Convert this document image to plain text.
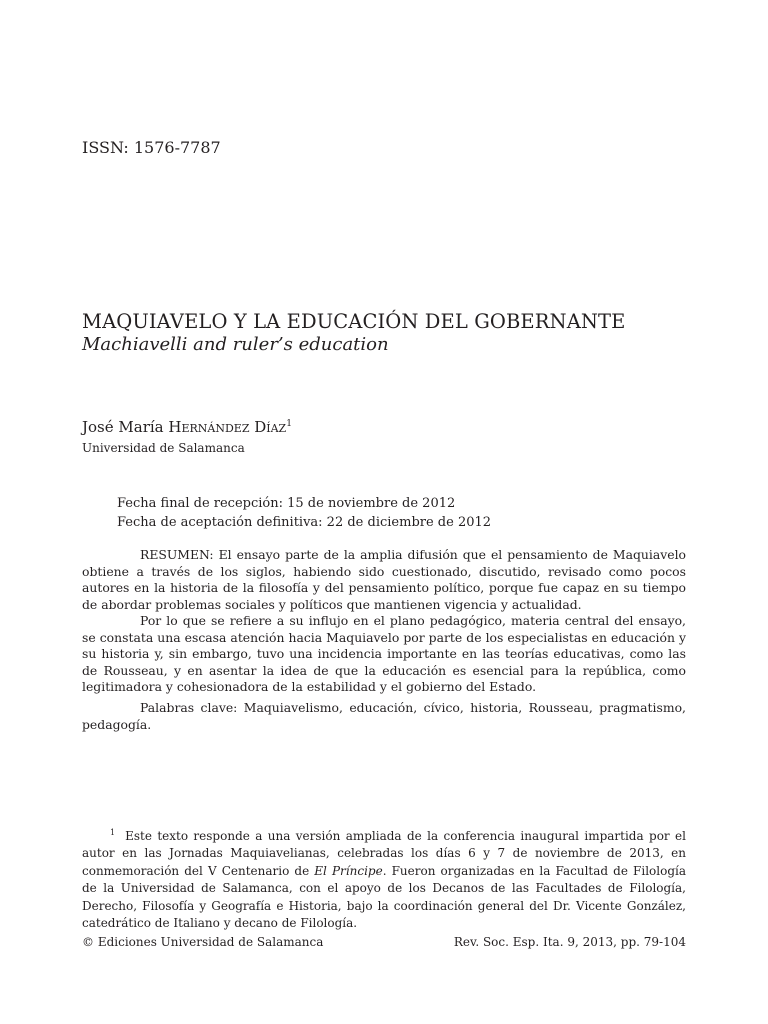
ISSN: 1576-7787
MAQUIAVELO Y LA EDUCACIÓN DEL GOBERNANTE
Machiavelli and ruler’s education
José María Hernández Díaz$^1$
Universidad de Salamanca
Fecha final de recepción: 15 de noviembre de 2012
Fecha de aceptación definitiva: 22 de diciembre de 2012

RESUMEN: El ensayo parte de la amplia difusión que el pensamiento de Maquiavelo obtiene a través de los siglos, habiendo sido cuestionado, discutido, revisado como pocos autores en la historia de la filosofía y del pensamiento político, porque fue capaz en su tiempo de abordar problemas sociales y políticos que mantienen vigencia y actualidad.

Por lo que se refiere a su influjo en el plano pedagógico, materia central del ensayo, se constata una escasa atención hacia Maquiavelo por parte de los especialistas en educación y su historia y, sin embargo, tuvo una incidencia importante en las teorías educativas, como las de Rousseau, y en asentar la idea de que la educación es esencial para la república, como legitimadora y cohesionadora de la estabilidad y el gobierno del Estado.

Palabras clave: Maquiavelismo, educación, cívico, historia, Rousseau, pragmatismo, pedagogía.

$^1$ Este texto responde a una versión ampliada de la conferencia inaugural impartida por el autor en las Jornadas Maquiavelianas, celebradas los días 6 y 7 de noviembre de 2013, en conmemoración del V Centenario de El Príncipe. Fueron organizadas en la Facultad de Filología de la Universidad de Salamanca, con el apoyo de los Decanos de las Facultades de Filología, Derecho, Filosofía y Geografía e Historia, bajo la coordinación general del Dr. Vicente González, catedrático de Italiano y decano de Filología.

© Ediciones Universidad de Salamanca	Rev. Soc. Esp. Ita. 9, 2013, pp. 79-104
